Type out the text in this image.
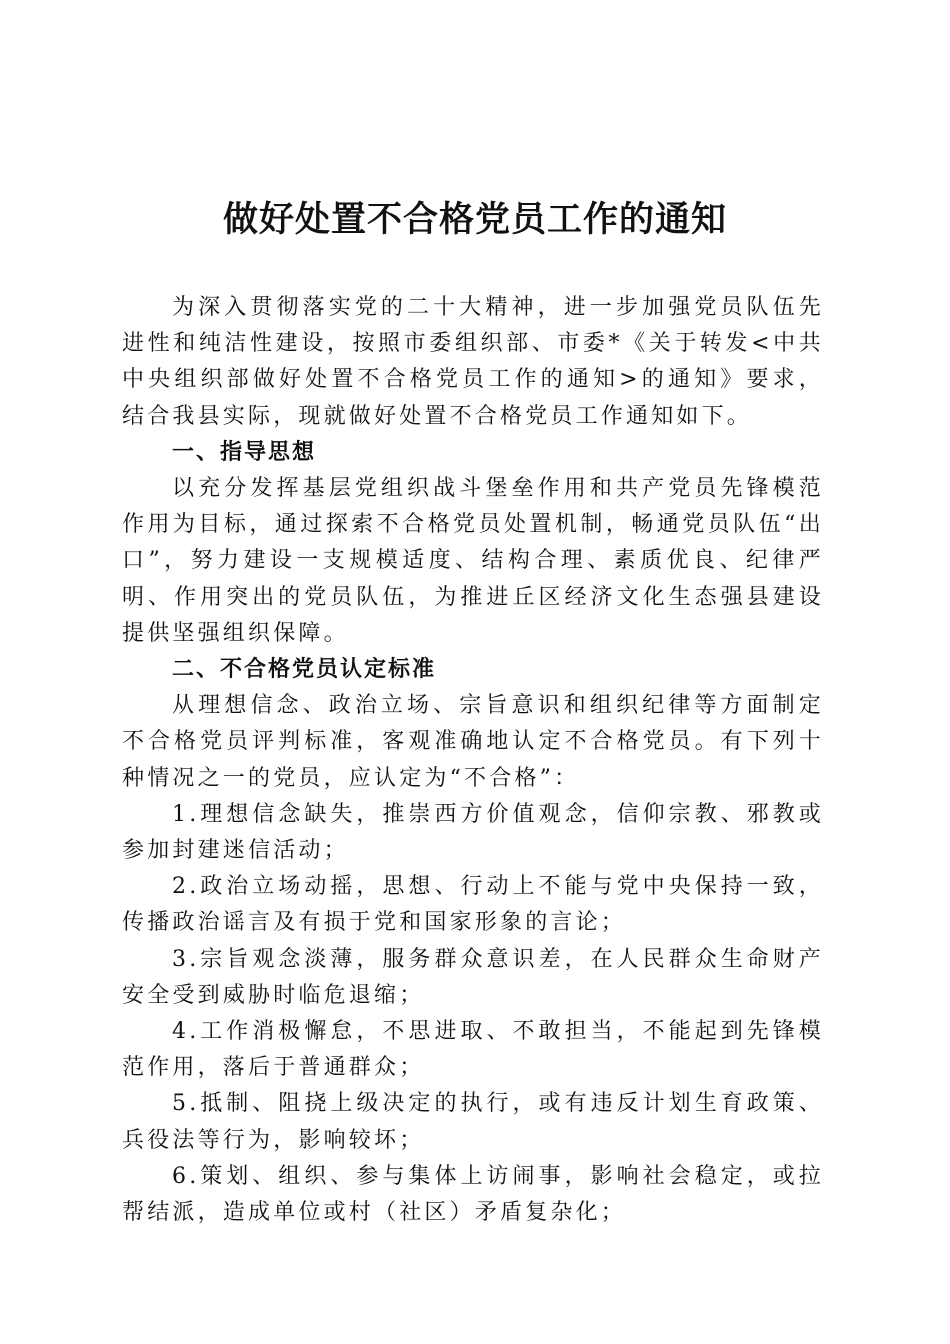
做好处置不合格党员工作的通知

为深入贯彻落实党的二十大精神，进一步加强党员队伍先进性和纯洁性建设，按照市委组织部、市委*《关于转发<中共中央组织部做好处置不合格党员工作的通知>的通知》要求，结合我县实际，现就做好处置不合格党员工作通知如下。

一、指导思想

以充分发挥基层党组织战斗堡垒作用和共产党员先锋模范作用为目标，通过探索不合格党员处置机制，畅通党员队伍“出口”，努力建设一支规模适度、结构合理、素质优良、纪律严明、作用突出的党员队伍，为推进丘区经济文化生态强县建设提供坚强组织保障。

二、不合格党员认定标准

从理想信念、政治立场、宗旨意识和组织纪律等方面制定不合格党员评判标准，客观准确地认定不合格党员。有下列十种情况之一的党员，应认定为“不合格”：

1.理想信念缺失，推崇西方价值观念，信仰宗教、邪教或参加封建迷信活动；

2.政治立场动摇，思想、行动上不能与党中央保持一致，传播政治谣言及有损于党和国家形象的言论；

3.宗旨观念淡薄，服务群众意识差，在人民群众生命财产安全受到威胁时临危退缩；

4.工作消极懈怠，不思进取、不敢担当，不能起到先锋模范作用，落后于普通群众；

5.抵制、阻挠上级决定的执行，或有违反计划生育政策、兵役法等行为，影响较坏；

6.策划、组织、参与集体上访闹事，影响社会稳定，或拉帮结派，造成单位或村（社区）矛盾复杂化；
